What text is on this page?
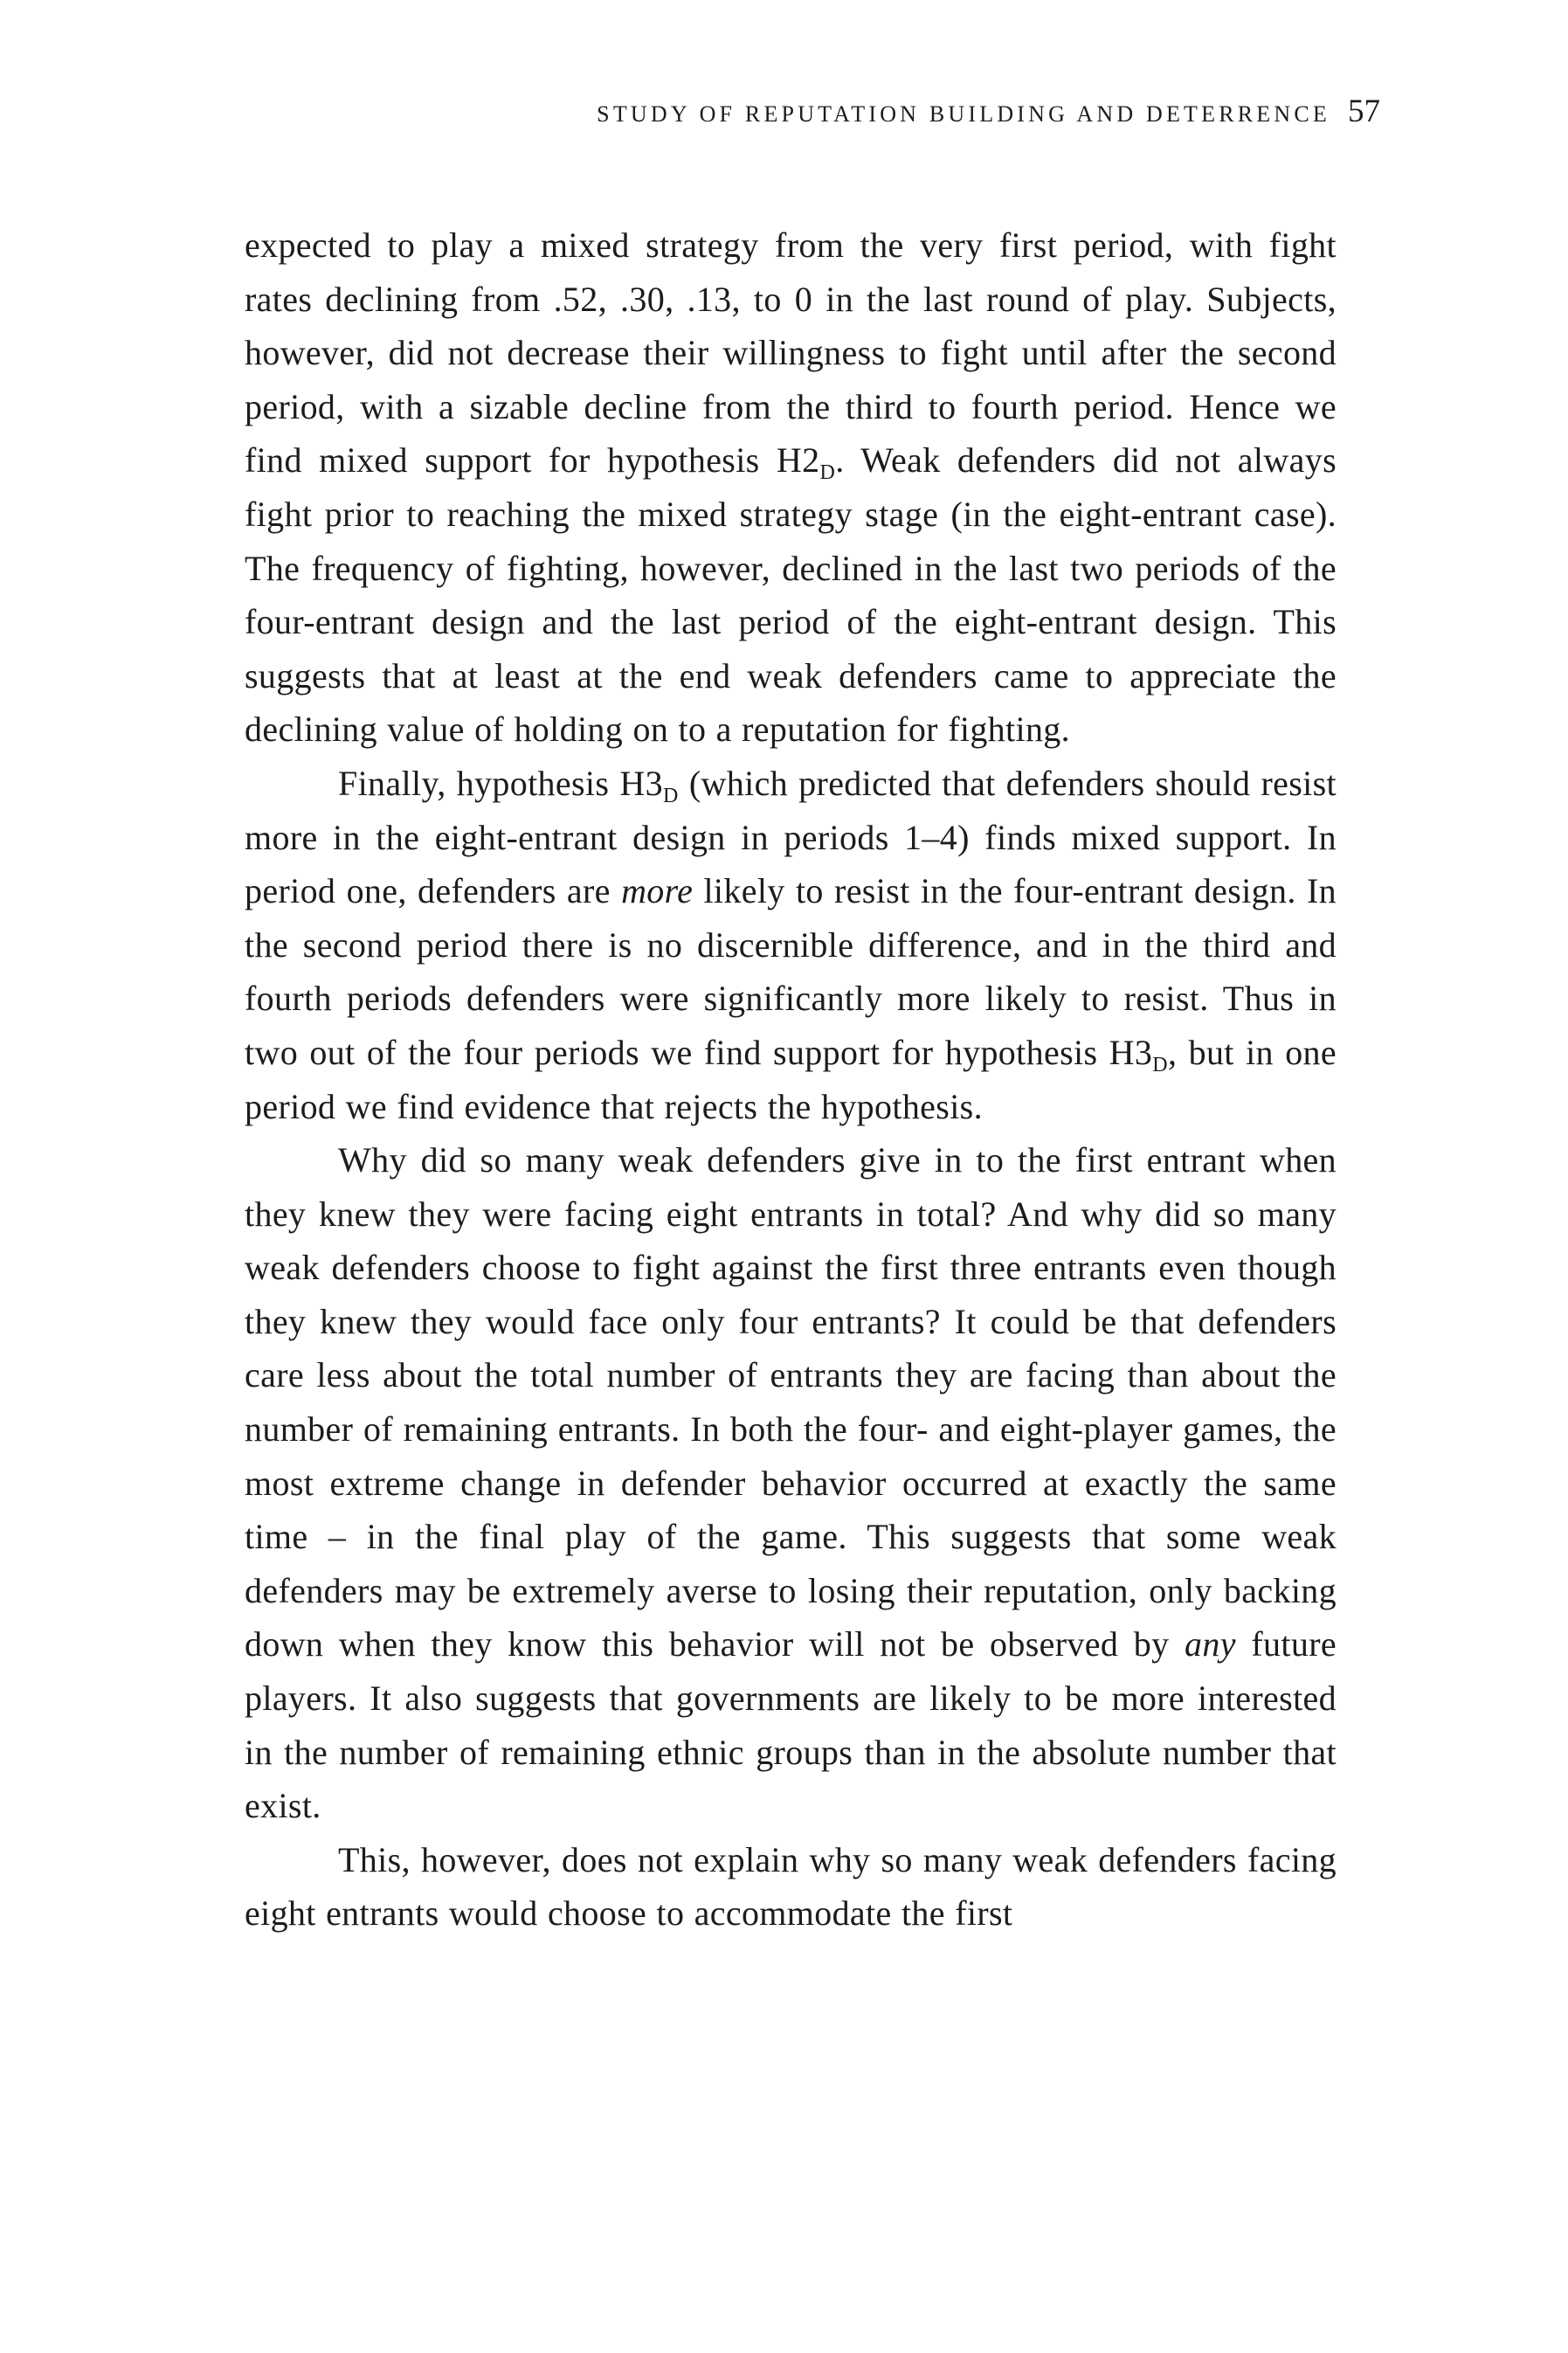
STUDY OF REPUTATION BUILDING AND DETERRENCE 57

expected to play a mixed strategy from the very first period, with fight rates declining from .52, .30, .13, to 0 in the last round of play. Subjects, however, did not decrease their willingness to fight until after the second period, with a sizable decline from the third to fourth period. Hence we find mixed support for hypothesis $H2_D$. Weak defenders did not always fight prior to reaching the mixed strategy stage (in the eight-entrant case). The frequency of fighting, however, declined in the last two periods of the four-entrant design and the last period of the eight-entrant design. This suggests that at least at the end weak defenders came to appreciate the declining value of holding on to a reputation for fighting.

Finally, hypothesis $H3_D$ (which predicted that defenders should resist more in the eight-entrant design in periods 1–4) finds mixed support. In period one, defenders are more likely to resist in the four-entrant design. In the second period there is no discernible difference, and in the third and fourth periods defenders were significantly more likely to resist. Thus in two out of the four periods we find support for hypothesis $H3_D$, but in one period we find evidence that rejects the hypothesis.

Why did so many weak defenders give in to the first entrant when they knew they were facing eight entrants in total? And why did so many weak defenders choose to fight against the first three entrants even though they knew they would face only four entrants? It could be that defenders care less about the total number of entrants they are facing than about the number of remaining entrants. In both the four- and eight-player games, the most extreme change in defender behavior occurred at exactly the same time – in the final play of the game. This suggests that some weak defenders may be extremely averse to losing their reputation, only backing down when they know this behavior will not be observed by any future players. It also suggests that governments are likely to be more interested in the number of remaining ethnic groups than in the absolute number that exist.

This, however, does not explain why so many weak defenders facing eight entrants would choose to accommodate the first
